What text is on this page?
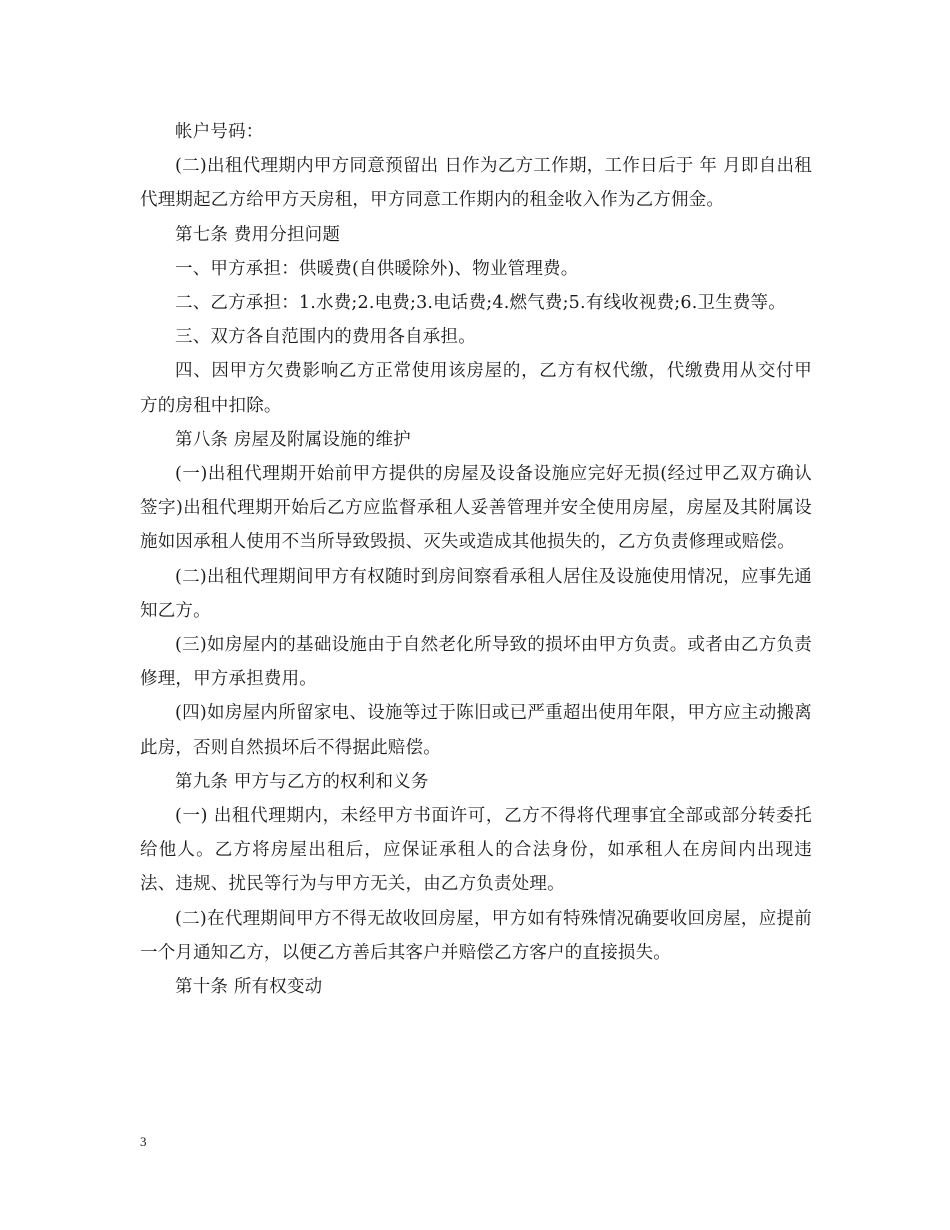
帐户号码：

(二)出租代理期内甲方同意预留出 日作为乙方工作期，工作日后于 年 月即自出租代理期起乙方给甲方天房租，甲方同意工作期内的租金收入作为乙方佣金。

第七条 费用分担问题

一、甲方承担：供暖费(自供暖除外)、物业管理费。

二、乙方承担：1.水费;2.电费;3.电话费;4.燃气费;5.有线收视费;6.卫生费等。

三、双方各自范围内的费用各自承担。

四、因甲方欠费影响乙方正常使用该房屋的，乙方有权代缴，代缴费用从交付甲方的房租中扣除。

第八条 房屋及附属设施的维护

(一)出租代理期开始前甲方提供的房屋及设备设施应完好无损(经过甲乙双方确认签字)出租代理期开始后乙方应监督承租人妥善管理并安全使用房屋，房屋及其附属设施如因承租人使用不当所导致毁损、灭失或造成其他损失的，乙方负责修理或赔偿。

(二)出租代理期间甲方有权随时到房间察看承租人居住及设施使用情况，应事先通知乙方。

(三)如房屋内的基础设施由于自然老化所导致的损坏由甲方负责。或者由乙方负责修理，甲方承担费用。

(四)如房屋内所留家电、设施等过于陈旧或已严重超出使用年限，甲方应主动搬离此房，否则自然损坏后不得据此赔偿。

第九条 甲方与乙方的权利和义务

(一) 出租代理期内，未经甲方书面许可，乙方不得将代理事宜全部或部分转委托给他人。乙方将房屋出租后，应保证承租人的合法身份，如承租人在房间内出现违法、违规、扰民等行为与甲方无关，由乙方负责处理。

(二)在代理期间甲方不得无故收回房屋，甲方如有特殊情况确要收回房屋，应提前一个月通知乙方，以便乙方善后其客户并赔偿乙方客户的直接损失。

第十条 所有权变动

3
